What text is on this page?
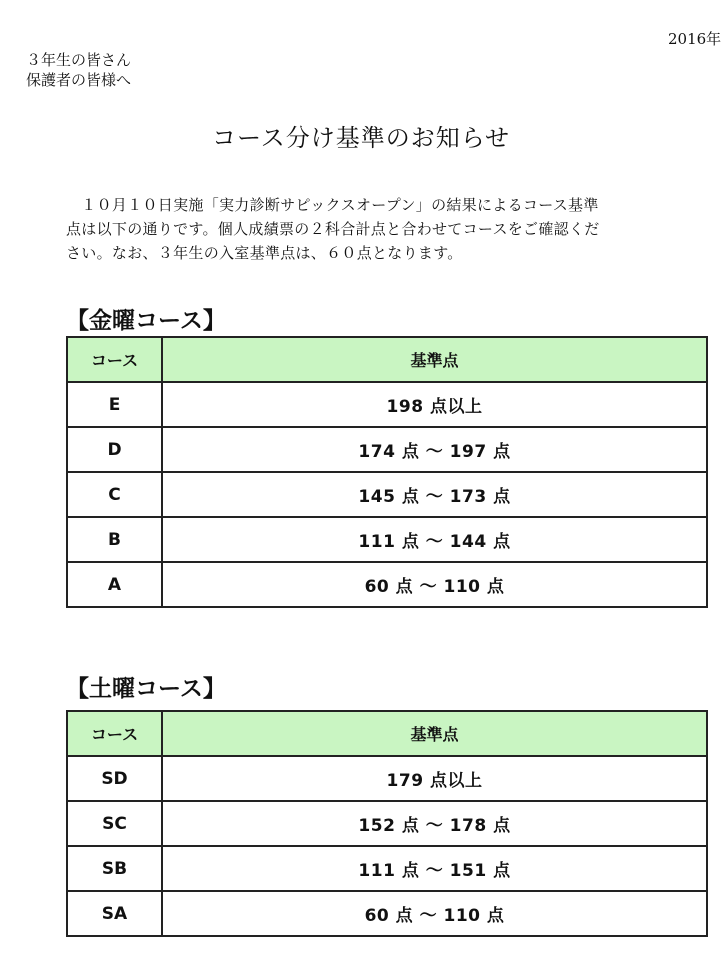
2016年
３年生の皆さん
保護者の皆様へ
コース分け基準のお知らせ
　１０月１０日実施「実力診断サピックスオープン」の結果によるコース基準
点は以下の通りです。個人成績票の２科合計点と合わせてコースをご確認くだ
さい。なお、３年生の入室基準点は、６０点となります。
【金曜コース】
コース	基準点
E	198 点以上
D	174 点 ～ 197 点
C	145 点 ～ 173 点
B	111 点 ～ 144 点
A	60 点 ～ 110 点
【土曜コース】
コース	基準点
SD	179 点以上
SC	152 点 ～ 178 点
SB	111 点 ～ 151 点
SA	60 点 ～ 110 点
